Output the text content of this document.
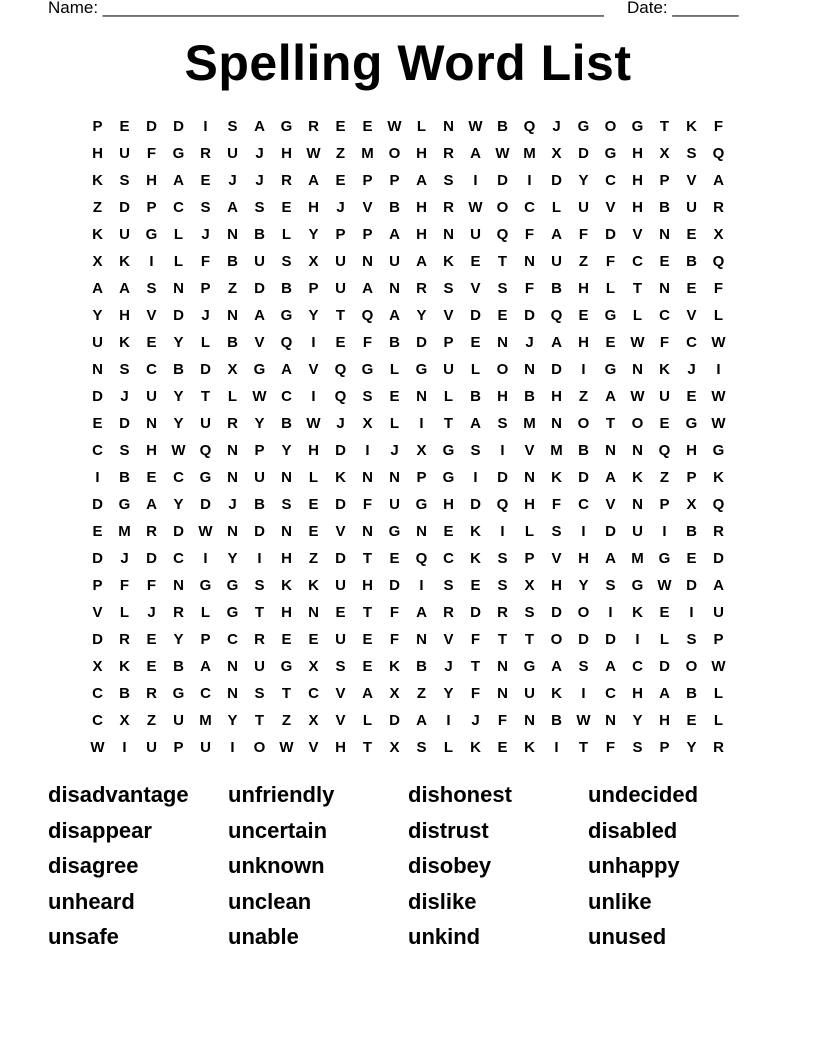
Name: _____________________________________________________ Date: _______
Spelling Word List
P	E	D	D	I	S	A	G	R	E	E W	L	N W B	Q	J	G	O	G	T	K	F
H	U	F	G	R	U	J	H W	Z	M O	H	R	A W M	X	D	G	H	X	S	Q
K	S	H	A	E	J	J	R	A	E	P	P	A	S	I	D	I	D	Y	C	H	P	V	A
Z	D	P	C	S	A	S	E	H	J	V	B	H	R W O	C	L	U	V	H	B	U	R
K	U	G	L	J	N	B	L	Y	P	P	A	H	N	U	Q	F	A	F	D	V	N	E	X
X	K	I	L	F	B	U	S	X	U	N	U	A	K	E	T	N	U	Z	F	C	E	B	Q
A	A	S	N	P	Z	D	B	P	U	A	N	R	S	V	S	F	B	H	L	T	N	E	F
Y	H	V	D	J	N	A	G	Y	T	Q	A	Y	V	D	E	D	Q	E	G	L	C	V	L
U	K	E	Y	L	B	V	Q	I	E	F	B	D	P	E	N	J	A	H	E W	F	C W
N	S	C	B	D	X	G	A	V	Q	G	L	G	U	L	O	N	D	I	G	N	K	J	I
D	J	U	Y	T	L	W C	I	Q	S	E	N	L	B	H	B	H	Z	A W U	E W
E	D	N	Y	U	R	Y	B W	J	X	L	I	T	A	S	M	N	O	T	O	E	G W
C	S	H W Q	N	P	Y	H	D	I	J	X	G	S	I	V	M	B	N	N	Q	H	G
I	B	E	C	G	N	U	N	L	K	N	N	P	G	I	D	N	K	D	A	K	Z	P	K
D	G	A	Y	D	J	B	S	E	D	F	U	G	H	D	Q	H	F	C	V	N	P	X	Q
E	M	R	D W N	D	N	E	V	N	G	N	E	K	I	L	S	I	D	U	I	B	R
D	J	D	C	I	Y	I	H	Z	D	T	E	Q	C	K	S	P	V	H	A	M G	E	D
P	F	F	N	G	G	S	K	K	U	H	D	I	S	E	S	X	H	Y	S	G W D	A
V	L	J	R	L	G	T	H	N	E	T	F	A	R	D	R	S	D	O	I	K	E	I	U
D	R	E	Y	P	C	R	E	E	U	E	F	N	V	F	T	T	O	D	D	I	L	S	P
X	K	E	B	A	N	U	G	X	S	E	K	B	J	T	N	G	A	S	A	C	D	O W
C	B	R	G	C	N	S	T	C	V	A	X	Z	Y	F	N	U	K	I	C	H	A	B	L
C	X	Z	U	M	Y	T	Z	X	V	L	D	A	I	J	F	N	B W N	Y	H	E	L
W	I	U	P	U	I	O W V	H	T	X	S	L	K	E	K	I	T	F	S	P	Y	R
disadvantage	unfriendly	dishonest	undecided
disappear	uncertain	distrust	disabled
disagree	unknown	disobey	unhappy
unheard	unclean	dislike	unlike
unsafe	unable	unkind	unused
